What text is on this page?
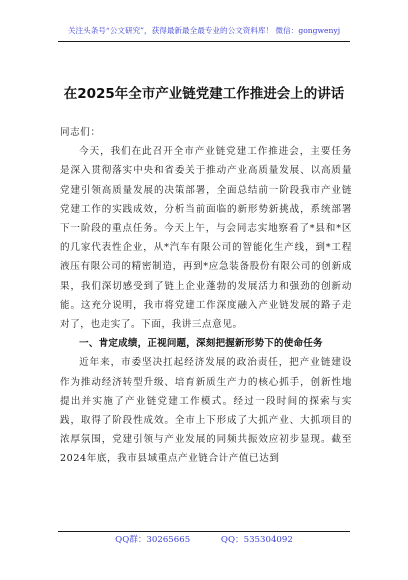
关注头条号“公文研究”，获得最新最全最专业的公文资料库！ 微信：gongwenyj
在2025年全市产业链党建工作推进会上的讲话

同志们：

今天，我们在此召开全市产业链党建工作推进会，主要任务是深入贯彻落实中央和省委关于推动产业高质量发展、以高质量党建引领高质量发展的决策部署，全面总结前一阶段我市产业链党建工作的实践成效，分析当前面临的新形势新挑战，系统部署下一阶段的重点任务。今天上午，与会同志实地察看了*县和*区的几家代表性企业，从*汽车有限公司的智能化生产线，到*工程液压有限公司的精密制造，再到*应急装备股份有限公司的创新成果，我们深切感受到了链上企业蓬勃的发展活力和强劲的创新动能。这充分说明，我市将党建工作深度融入产业链发展的路子走对了，也走实了。下面，我讲三点意见。

一、肯定成绩，正视问题，深刻把握新形势下的使命任务

近年来，市委坚决扛起经济发展的政治责任，把产业链建设作为推动经济转型升级、培育新质生产力的核心抓手，创新性地提出并实施了产业链党建工作模式。经过一段时间的探索与实践，取得了阶段性成效。全市上下形成了大抓产业、大抓项目的浓厚氛围，党建引领与产业发展的同频共振效应初步显现。截至2024年底，我市县域重点产业链合计产值已达到

QQ群：30265665	QQ：535304092
